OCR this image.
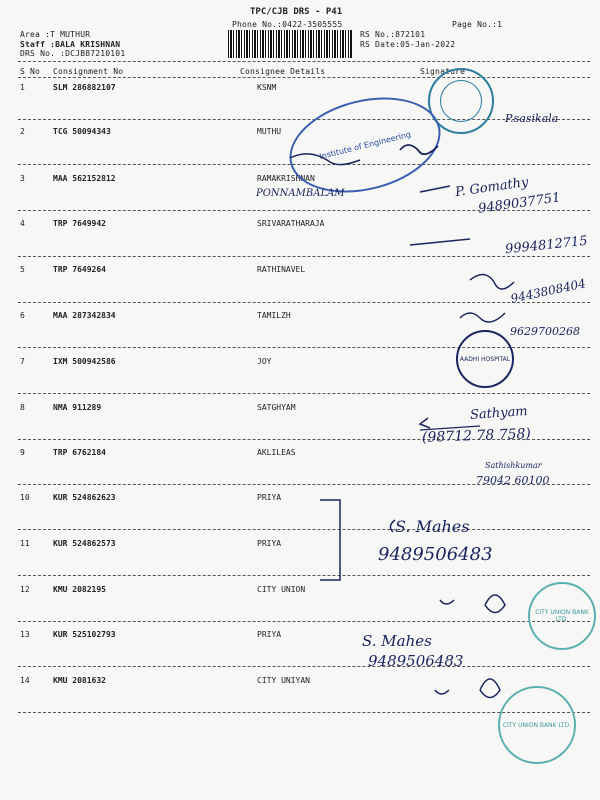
TPC/CJB DRS - P41
Phone No.:0422-3505555	Page No.:1
Area :T MUTHUR
Staff :BALA KRISHNAN
DRS No. :DCJB87210101
RS No.:872101
RS Date:05-Jan-2022
S No Consignment No	Consignee Details	Signature
1	SLM 286882107	KSNM
2	TCG 50094343	MUTHU
3	MAA 562152812	RAMAKRISHNAN
4	TRP 7649942	SRIVARATHARAJA
5	TRP 7649264	RATHINAVEL
6	MAA 287342834	TAMILZH
7	IXM 500942586	JOY
8	NMA 911289	SATGHYAM
9	TRP 6762184	AKLILEAS
10	KUR 524862623	PRIYA
11	KUR 524862573	PRIYA
12	KMU 2082195	CITY UNION
13	KUR 525102793	PRIYA
14	KMU 2081632	CITY UNIYAN
Institute of Engineering
AADHI HOSPITAL
CITY UNION BANK LTD.
CITY UNION BANK LTD.
P.sasikala
PONNAMBALAM	P. Gomathy
9489037751
9994812715
9443808404
9629700268
Sathyam
(98712 78 758)
Sathishkumar
79042 60100
S. Mahes
9489506483
S. Mahes
9489506483
